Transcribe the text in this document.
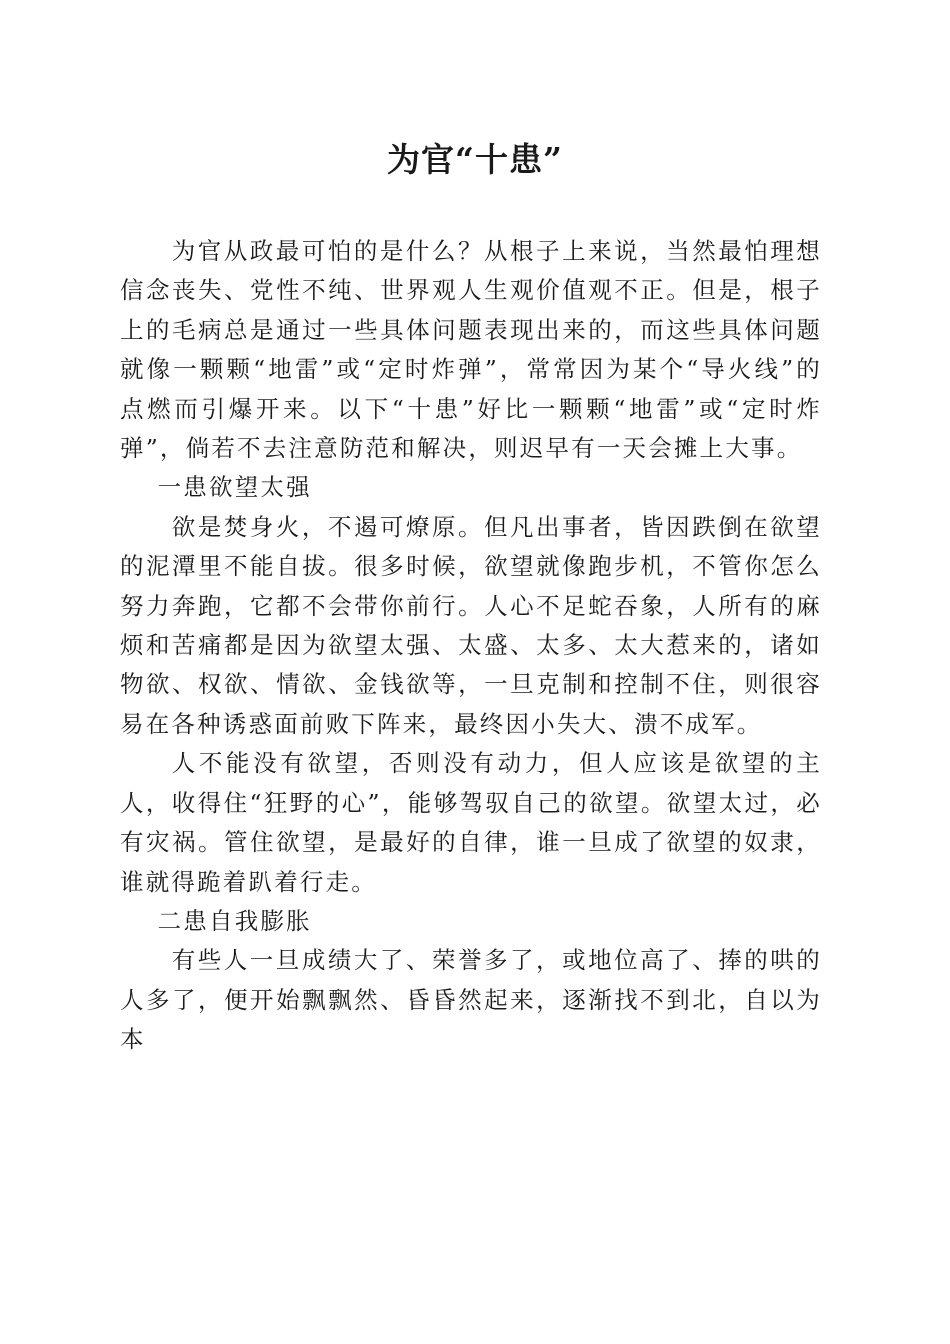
为官“十患”

为官从政最可怕的是什么？从根子上来说，当然最怕理想信念丧失、党性不纯、世界观人生观价值观不正。但是，根子上的毛病总是通过一些具体问题表现出来的，而这些具体问题就像一颗颗“地雷”或“定时炸弹”，常常因为某个“导火线”的点燃而引爆开来。以下“十患”好比一颗颗“地雷”或“定时炸弹”，倘若不去注意防范和解决，则迟早有一天会摊上大事。

一患欲望太强

欲是焚身火，不遏可燎原。但凡出事者，皆因跌倒在欲望的泥潭里不能自拔。很多时候，欲望就像跑步机，不管你怎么努力奔跑，它都不会带你前行。人心不足蛇吞象，人所有的麻烦和苦痛都是因为欲望太强、太盛、太多、太大惹来的，诸如物欲、权欲、情欲、金钱欲等，一旦克制和控制不住，则很容易在各种诱惑面前败下阵来，最终因小失大、溃不成军。

人不能没有欲望，否则没有动力，但人应该是欲望的主人，收得住“狂野的心”，能够驾驭自己的欲望。欲望太过，必有灾祸。管住欲望，是最好的自律，谁一旦成了欲望的奴隶，谁就得跪着趴着行走。

二患自我膨胀

有些人一旦成绩大了、荣誉多了，或地位高了、捧的哄的人多了，便开始飘飘然、昏昏然起来，逐渐找不到北，自以为本
